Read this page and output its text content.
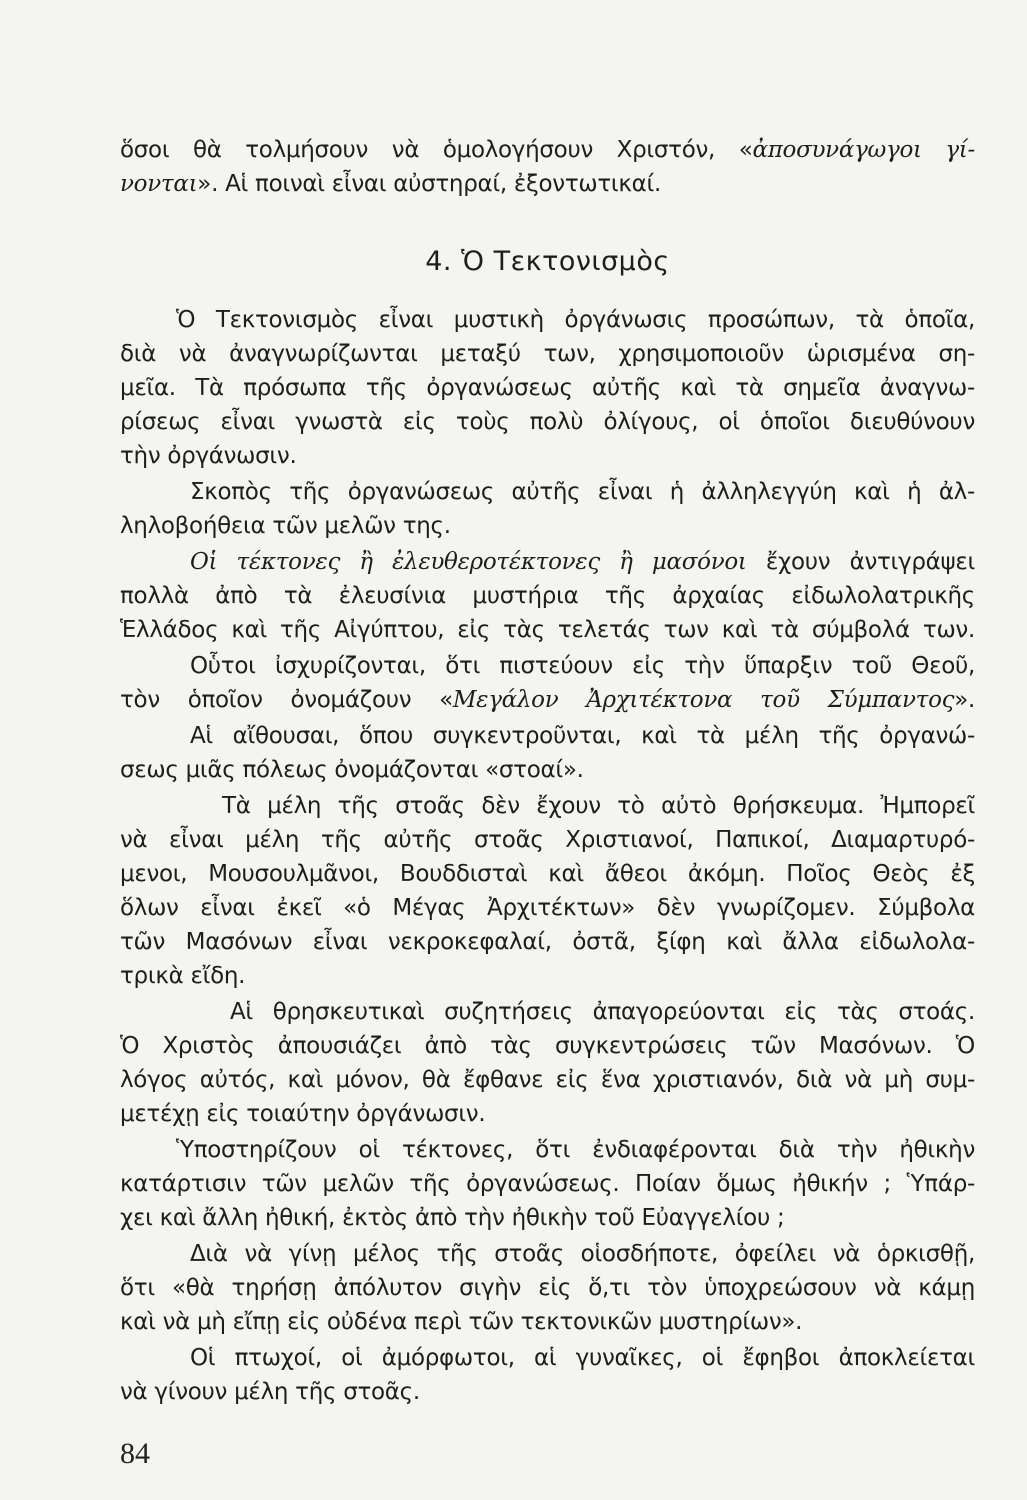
ὅσοι θὰ τολμήσουν νὰ ὁμολογήσουν Χριστόν, «ἀποσυνάγωγοι γί-
νονται». Αἱ ποιναὶ εἶναι αὐστηραί, ἐξοντωτικαί.
4. Ὁ Τεκτονισμὸς
Ὁ Τεκτονισμὸς εἶναι μυστικὴ ὀργάνωσις προσώπων, τὰ ὁποῖα,
διὰ νὰ ἀναγνωρίζωνται μεταξύ των, χρησιμοποιοῦν ὡρισμένα ση-
μεῖα. Τὰ πρόσωπα τῆς ὀργανώσεως αὐτῆς καὶ τὰ σημεῖα ἀναγνω-
ρίσεως εἶναι γνωστὰ εἰς τοὺς πολὺ ὀλίγους, οἱ ὁποῖοι διευθύνουν
τὴν ὀργάνωσιν.
Σκοπὸς τῆς ὀργανώσεως αὐτῆς εἶναι ἡ ἀλληλεγγύη καὶ ἡ ἀλ-
ληλοβοήθεια τῶν μελῶν της.
Οἱ τέκτονες ἢ ἐλευθεροτέκτονες ἢ μασόνοι ἔχουν ἀντιγράψει
πολλὰ ἀπὸ τὰ ἐλευσίνια μυστήρια τῆς ἀρχαίας εἰδωλολατρικῆς
Ἑλλάδος καὶ τῆς Αἰγύπτου, εἰς τὰς τελετάς των καὶ τὰ σύμβολά των.
Οὗτοι ἰσχυρίζονται, ὅτι πιστεύουν εἰς τὴν ὕπαρξιν τοῦ Θεοῦ,
τὸν ὁποῖον ὀνομάζουν «Μεγάλον Ἀρχιτέκτονα τοῦ Σύμπαντος».
Αἱ αἴθουσαι, ὅπου συγκεντροῦνται, καὶ τὰ μέλη τῆς ὀργανώ-
σεως μιᾶς πόλεως ὀνομάζονται «στοαί».
Τὰ μέλη τῆς στοᾶς δὲν ἔχουν τὸ αὐτὸ θρήσκευμα. Ἠμπορεῖ
νὰ εἶναι μέλη τῆς αὐτῆς στοᾶς Χριστιανοί, Παπικοί, Διαμαρτυρό-
μενοι, Μουσουλμᾶνοι, Βουδδισταὶ καὶ ἄθεοι ἀκόμη. Ποῖος Θεὸς ἐξ
ὅλων εἶναι ἐκεῖ «ὁ Μέγας Ἀρχιτέκτων» δὲν γνωρίζομεν. Σύμβολα
τῶν Μασόνων εἶναι νεκροκεφαλαί, ὀστᾶ, ξίφη καὶ ἄλλα εἰδωλολα-
τρικὰ εἴδη.
Αἱ θρησκευτικαὶ συζητήσεις ἀπαγορεύονται εἰς τὰς στοάς.
Ὁ Χριστὸς ἀπουσιάζει ἀπὸ τὰς συγκεντρώσεις τῶν Μασόνων. Ὁ
λόγος αὐτός, καὶ μόνον, θὰ ἔφθανε εἰς ἕνα χριστιανόν, διὰ νὰ μὴ συμ-
μετέχῃ εἰς τοιαύτην ὀργάνωσιν.
Ὑποστηρίζουν οἱ τέκτονες, ὅτι ἐνδιαφέρονται διὰ τὴν ἠθικὴν
κατάρτισιν τῶν μελῶν τῆς ὀργανώσεως. Ποίαν ὅμως ἠθικήν ; Ὑπάρ-
χει καὶ ἄλλη ἠθική, ἐκτὸς ἀπὸ τὴν ἠθικὴν τοῦ Εὐαγγελίου ;
Διὰ νὰ γίνῃ μέλος τῆς στοᾶς οἱοσδήποτε, ὀφείλει νὰ ὁρκισθῇ,
ὅτι «θὰ τηρήσῃ ἀπόλυτον σιγὴν εἰς ὅ,τι τὸν ὑποχρεώσουν νὰ κάμῃ
καὶ νὰ μὴ εἴπῃ εἰς οὐδένα περὶ τῶν τεκτονικῶν μυστηρίων».
Οἱ πτωχοί, οἱ ἀμόρφωτοι, αἱ γυναῖκες, οἱ ἔφηβοι ἀποκλείεται
νὰ γίνουν μέλη τῆς στοᾶς.
84
